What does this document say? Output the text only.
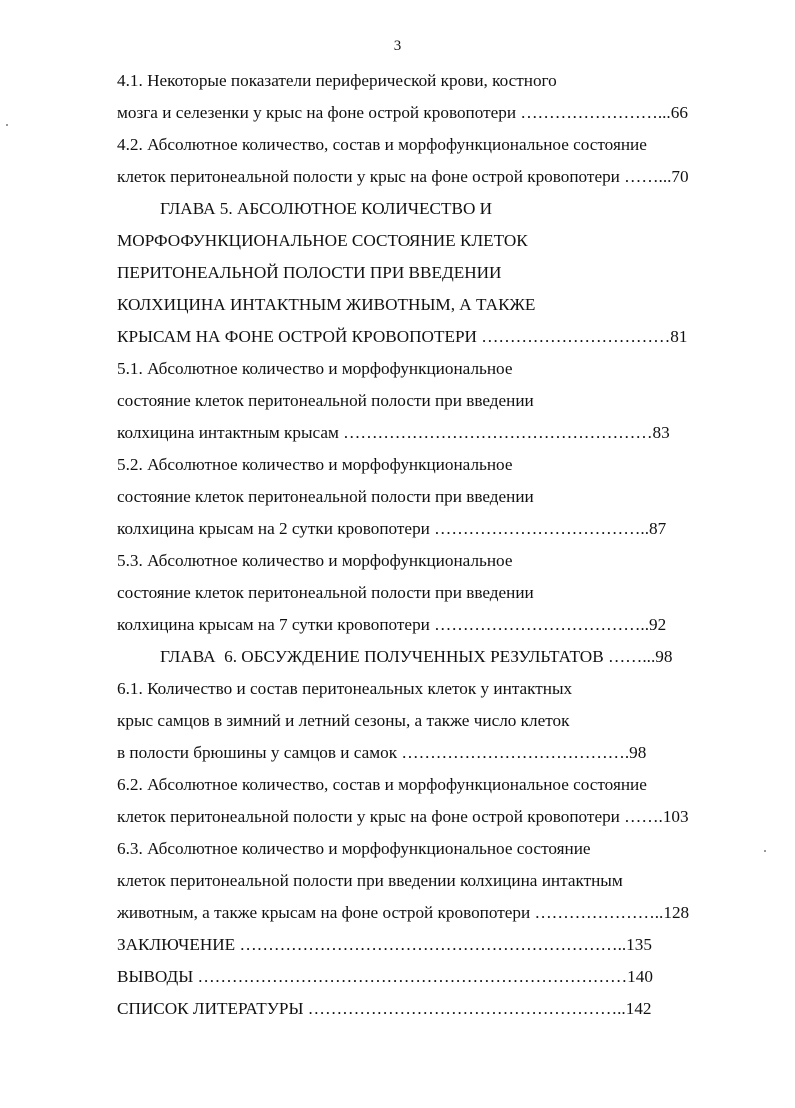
3
4.1. Некоторые показатели периферической крови, костного
мозга и селезенки у крыс на фоне острой кровопотери ……………………...66
4.2. Абсолютное количество, состав и морфофункциональное состояние
клеток перитонеальной полости у крыс на фоне острой кровопотери ……...70
ГЛАВА 5. АБСОЛЮТНОЕ КОЛИЧЕСТВО И
МОРФОФУНКЦИОНАЛЬНОЕ СОСТОЯНИЕ КЛЕТОК
ПЕРИТОНЕАЛЬНОЙ ПОЛОСТИ ПРИ ВВЕДЕНИИ
КОЛХИЦИНА ИНТАКТНЫМ ЖИВОТНЫМ, А ТАКЖЕ
КРЫСАМ НА ФОНЕ ОСТРОЙ КРОВОПОТЕРИ ……………………………81
5.1. Абсолютное количество и морфофункциональное
состояние клеток перитонеальной полости при введении
колхицина интактным крысам ………………………………………………83
5.2. Абсолютное количество и морфофункциональное
состояние клеток перитонеальной полости при введении
колхицина крысам на 2 сутки кровопотери ………………………………..87
5.3. Абсолютное количество и морфофункциональное
состояние клеток перитонеальной полости при введении
колхицина крысам на 7 сутки кровопотери ………………………………..92
ГЛАВА  6. ОБСУЖДЕНИЕ ПОЛУЧЕННЫХ РЕЗУЛЬТАТОВ ……...98
6.1. Количество и состав перитонеальных клеток у интактных
крыс самцов в зимний и летний сезоны, а также число клеток
в полости брюшины у самцов и самок ………………………………….98
6.2. Абсолютное количество, состав и морфофункциональное состояние
клеток перитонеальной полости у крыс на фоне острой кровопотери …….103
6.3. Абсолютное количество и морфофункциональное состояние
клеток перитонеальной полости при введении колхицина интактным
животным, а также крысам на фоне острой кровопотери …………………..128
ЗАКЛЮЧЕНИЕ …………………………………………………………..135
ВЫВОДЫ …………………………………………………………………140
СПИСОК ЛИТЕРАТУРЫ ………………………………………………..142
